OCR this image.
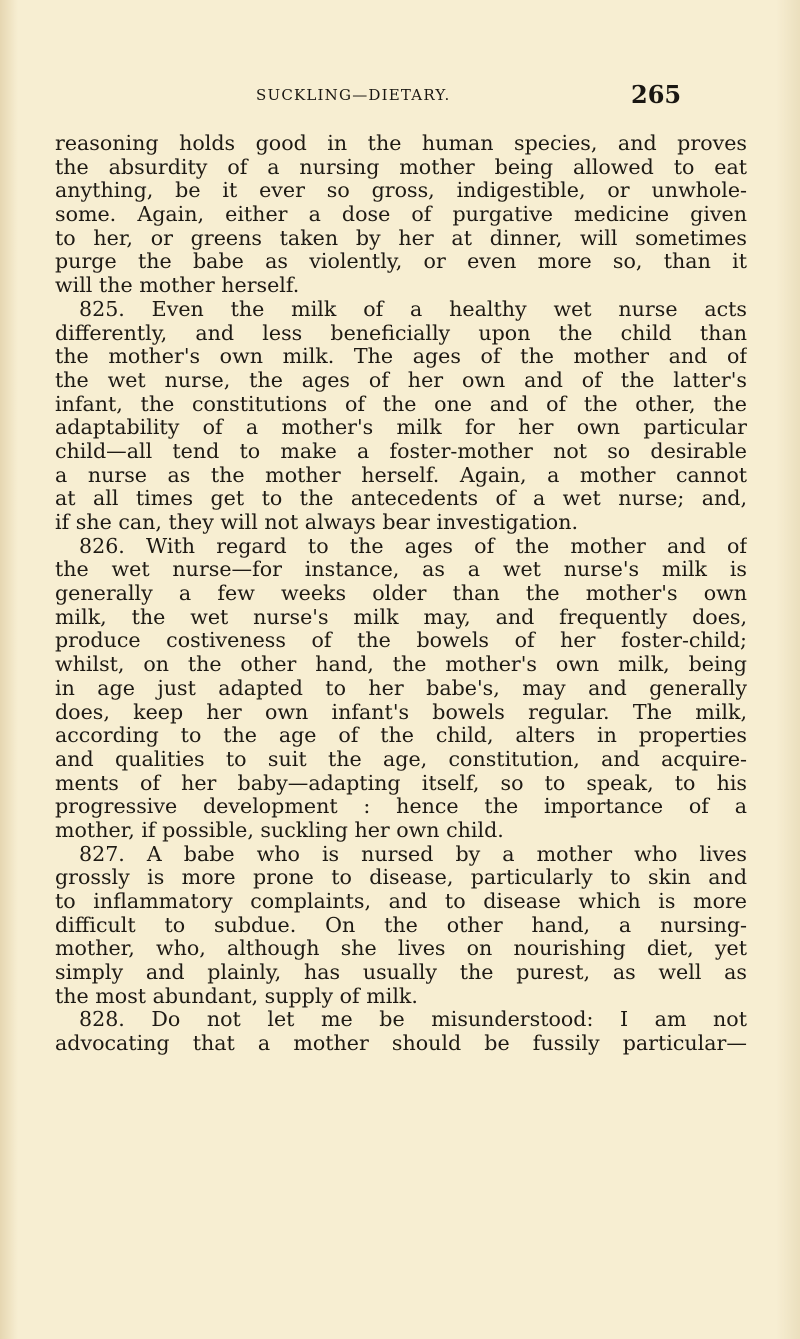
SUCKLING—DIETARY.	265
reasoning holds good in the human species, and proves
the absurdity of a nursing mother being allowed to eat
anything, be it ever so gross, indigestible, or unwhole-
some. Again, either a dose of purgative medicine given
to her, or greens taken by her at dinner, will sometimes
purge the babe as violently, or even more so, than it
will the mother herself.
825. Even the milk of a healthy wet nurse acts
differently, and less beneficially upon the child than
the mother's own milk. The ages of the mother and of
the wet nurse, the ages of her own and of the latter's
infant, the constitutions of the one and of the other, the
adaptability of a mother's milk for her own particular
child—all tend to make a foster-mother not so desirable
a nurse as the mother herself. Again, a mother cannot
at all times get to the antecedents of a wet nurse; and,
if she can, they will not always bear investigation.
826. With regard to the ages of the mother and of
the wet nurse—for instance, as a wet nurse's milk is
generally a few weeks older than the mother's own
milk, the wet nurse's milk may, and frequently does,
produce costiveness of the bowels of her foster-child;
whilst, on the other hand, the mother's own milk, being
in age just adapted to her babe's, may and generally
does, keep her own infant's bowels regular. The milk,
according to the age of the child, alters in properties
and qualities to suit the age, constitution, and acquire-
ments of her baby—adapting itself, so to speak, to his
progressive development : hence the importance of a
mother, if possible, suckling her own child.
827. A babe who is nursed by a mother who lives
grossly is more prone to disease, particularly to skin and
to inflammatory complaints, and to disease which is more
difficult to subdue. On the other hand, a nursing-
mother, who, although she lives on nourishing diet, yet
simply and plainly, has usually the purest, as well as
the most abundant, supply of milk.
828. Do not let me be misunderstood: I am not
advocating that a mother should be fussily particular—
